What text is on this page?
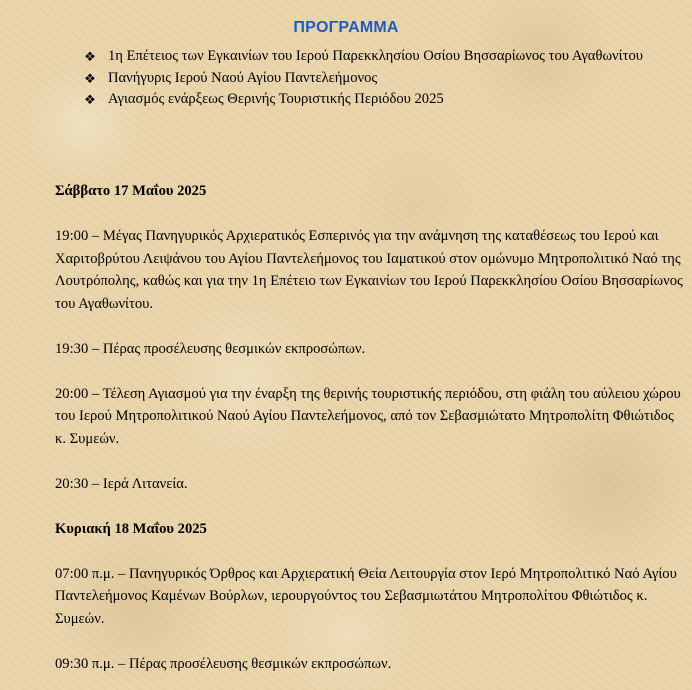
ΠΡΟΓΡΑΜΜΑ
❖ 1η Επέτειος των Εγκαινίων του Ιερού Παρεκκλησίου Οσίου Βησσαρίωνος του Αγαθωνίτου
❖ Πανήγυρις Ιερού Ναού Αγίου Παντελεήμονος
❖ Αγιασμός ενάρξεως Θερινής Τουριστικής Περιόδου 2025

Σάββατο 17 Μαΐου 2025

19:00 – Μέγας Πανηγυρικός Αρχιερατικός Εσπερινός για την ανάμνηση της καταθέσεως του Ιερού και Χαριτοβρύτου Λειψάνου του Αγίου Παντελεήμονος του Ιαματικού στον ομώνυμο Μητροπολιτικό Ναό της Λουτρόπολης, καθώς και για την 1η Επέτειο των Εγκαινίων του Ιερού Παρεκκλησίου Οσίου Βησσαρίωνος του Αγαθωνίτου.

19:30 – Πέρας προσέλευσης θεσμικών εκπροσώπων.

20:00 – Τέλεση Αγιασμού για την έναρξη της θερινής τουριστικής περιόδου, στη φιάλη του αύλειου χώρου του Ιερού Μητροπολιτικού Ναού Αγίου Παντελεήμονος, από τον Σεβασμιώτατο Μητροπολίτη Φθιώτιδος κ. Συμεών.

20:30 – Ιερά Λιτανεία.

Κυριακή 18 Μαΐου 2025

07:00 π.μ. – Πανηγυρικός Όρθρος και Αρχιερατική Θεία Λειτουργία στον Ιερό Μητροπολιτικό Ναό Αγίου Παντελεήμονος Καμένων Βούρλων, ιερουργούντος του Σεβασμιωτάτου Μητροπολίτου Φθιώτιδος κ. Συμεών.

09:30 π.μ. – Πέρας προσέλευσης θεσμικών εκπροσώπων.
